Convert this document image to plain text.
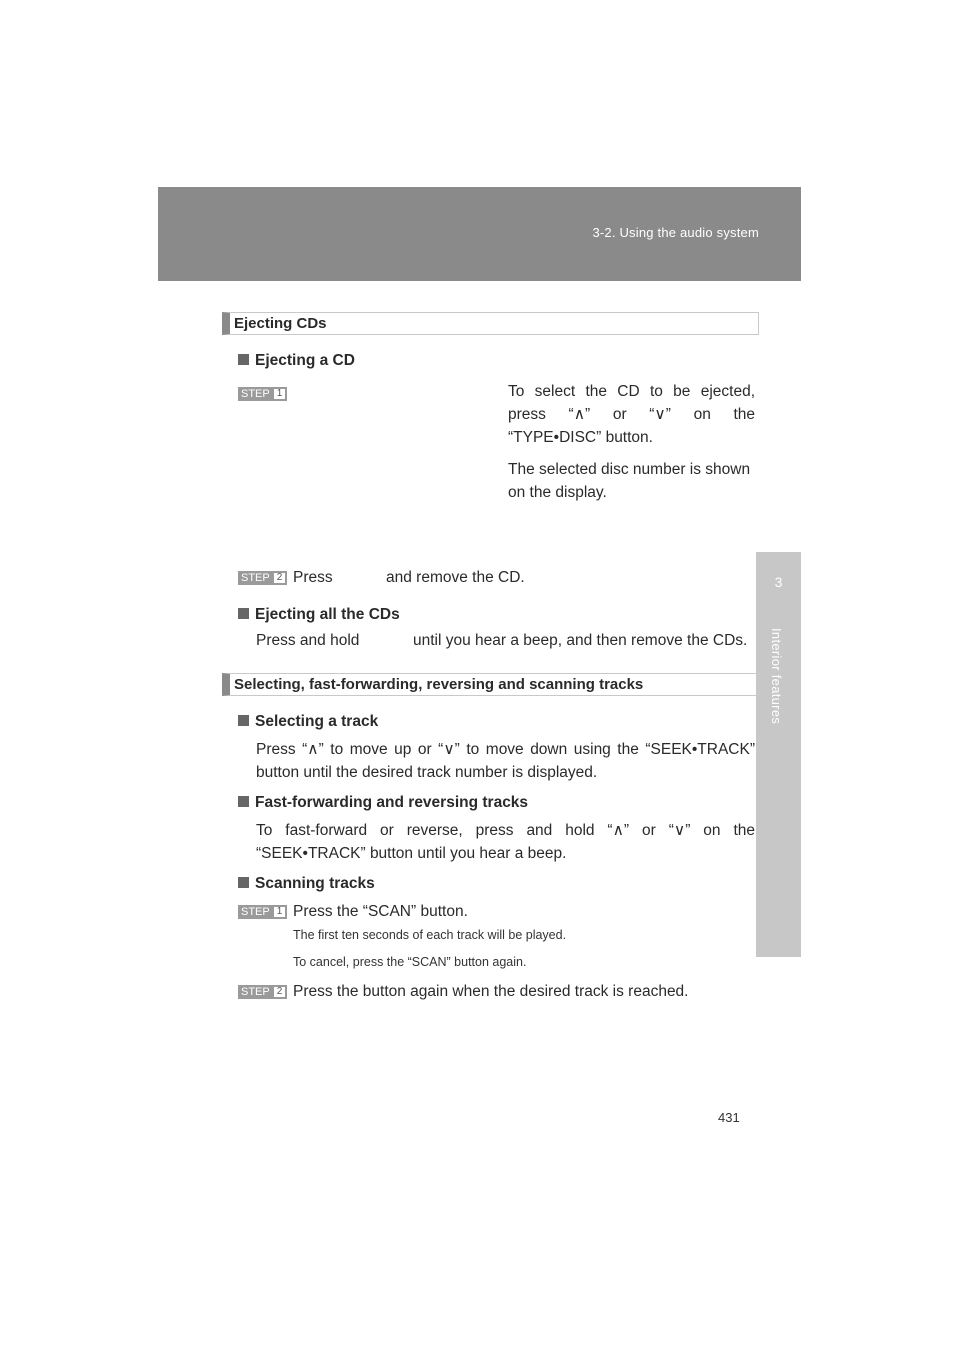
3-2. Using the audio system
3
Interior features
Ejecting CDs
Ejecting a CD
STEP 1	To select the CD to be ejected,
press “∧” or “∨” on the
“TYPE•DISC” button.
The selected disc number is shown
on the display.
STEP 2 Press	and remove the CD.
Ejecting all the CDs
Press and hold	until you hear a beep, and then remove the CDs.
Selecting, fast-forwarding, reversing and scanning tracks
Selecting a track
Press “∧” to move up or “∨” to move down using the “SEEK•TRACK” button until the desired track number is displayed.
Fast-forwarding and reversing tracks
To fast-forward or reverse, press and hold “∧” or “∨” on the “SEEK•TRACK” button until you hear a beep.
Scanning tracks
STEP 1 Press the “SCAN” button.
The first ten seconds of each track will be played.
To cancel, press the “SCAN” button again.
STEP 2 Press the button again when the desired track is reached.
431
